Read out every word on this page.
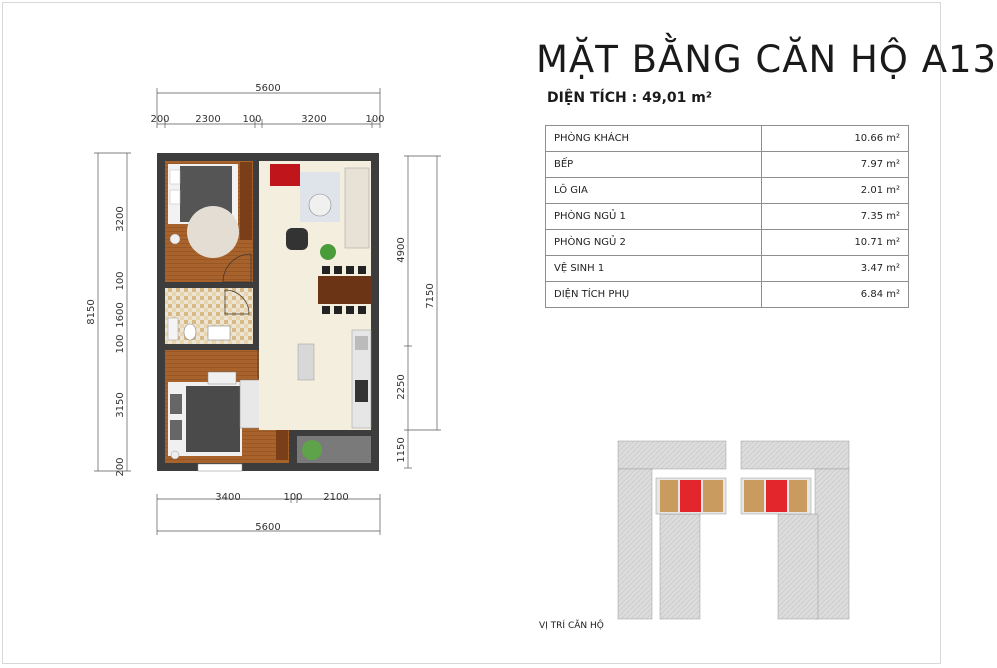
MẶT BẰNG CĂN HỘ A13
DIỆN TÍCH : 49,01 m²
PHÒNG KHÁCH	10.66 m²
BẾP	7.97 m²
LÔ GIA	2.01 m²
PHÒNG NGỦ 1	7.35 m²
PHÒNG NGỦ 2	10.71 m²
VỆ SINH 1	3.47 m²
DIỆN TÍCH PHỤ	6.84 m²
5600
200	2300 100	3200	100
3400	100 2100
5600
8150
3200
100
1600
100
3150
200
4900
2250
1150
7150
VỊ TRÍ CĂN HỘ
